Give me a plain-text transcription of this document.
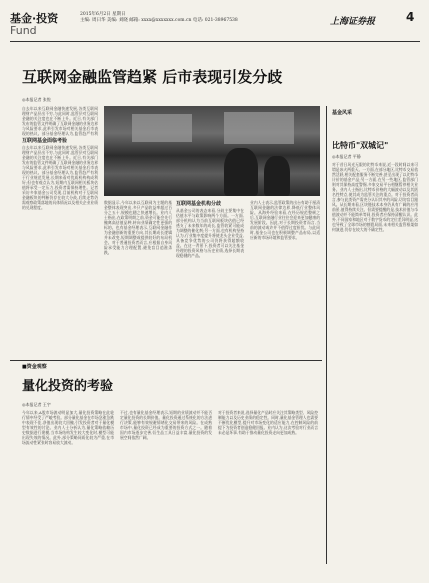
基金·投资
Fund
2015年6月2日 星期日
主编: 周曰华 美编: 刘晓 邮箱: xxxx@xxxxxxx.com.cn 电话: 021-38967538	上海证券报	4
互联网金融监管趋紧 后市表现引发分歧
◎本报记者 张悦
自去年以来互联网金融快速发展,各类互联网理财产品层出不穷,与此同时,监管层对互联网金融的关注度也在不断上升。近日,有关部门发布的监管文件明确了互联网金融的业务边界与风险要求,此举引发市场对相关基金后市表现的热议。部分基金经理认为,监管趋严有利
互联网基金面临考验
自去年以来互联网金融快速发展,各类互联网理财产品层出不穷,与此同时,监管层对互联网金融的关注度也在不断上升。近日,有关部门发布的监管文件明确了互联网金融的业务边界与风险要求,此举引发市场对相关基金后市表现的热议。部分基金经理认为,监管趋严有利于行业规范发展,长期来看对优质机构构成利好;但也有观点认为,短期内互联网相关板块估值将承受一定压力,投资者需保持理性。记者采访多家基金公司发现,目前机构对于互联网金融板块的判断仍存在较大分歧,后续走势仍需观察政策落地的具体情况以及相关企业业绩的兑现程度。
数据显示,今年以来以互联网为主题的基金整体表现突出,多只产品收益率超过百分之五十,规模也随之快速增长。业内人士指出,在政策明朗之前,资金可能会先行撤离高估值品种,转向业绩确定性更强的标的。也有基金经理表示,互联网金融作为金融创新的重要方向,其长期成长逻辑并未改变,短期调整或提供较好的布局机会。对于普通投资者而言,应根据自身风险承受能力合理配置,避免盲目追涨杀跌。
互联网基金机构分歧
从基金公司的表态来看,分歧主要集中在估值水平与政策影响两个方面。一方面,部分机构认为当前互联网板块估值已经透支了未来数年的成长,监管收紧可能成为调整的催化剂;另一方面,也有机构坚持认为,行业集中度提升将使龙头企业受益,具备竞争优势的公司仍将获得超额收益。在这一背景下,投资者可以关注基金经理的投资风格与历史业绩,选择长期表现稳健的产品。
业内人士表示,监管政策的出台有助于厘清互联网金融的法律边界,降低行业整体风险。从海外经验来看,在经历规范整顿之后,互联网金融行业往往会迎来更加健康的发展阶段。因此,对于长期投资者而言,当前的波动或许并不值得过度担忧。与此同时,基金公司也在积极调整产品布局,以适应新的市场环境和监管要求。
基金风采
比特币"双城记"
◎本报记者 平静
对于昔日风光无限的比特币来说,近一段时间以来可谓是冰火两重天。一方面,在部分地区,比特币交易依然活跃,相关配套服务不断完善,甚至出现了以比特币计价的基金产品;另一方面,在另一些地区,监管部门则对其保持高度警惕,多家交易平台相继暂停相关业务。业内人士指出,比特币价格的大幅波动以及其匿名性特点,使其成为监管关注的重点。对于投资者而言,参与此类资产需充分认识其中的风险,切勿盲目跟风。从长期来看,区块链技术本身仍具有广阔的应用前景,值得持续关注。但需要提醒的是,技术价值与币值波动并不能简单等同,投资者应保持清醒认识。此外,不同国家和地区对于数字货币的定位差异明显,这也导致了全球市场的割裂局面,未来相关监管框架如何演进,仍存在较大的不确定性。
■资金观察
量化投资的考验
◎本报记者 王宇
今年以来,A股市场波动明显加大,量化投资策略在此轮行情中经受了严峻考验。部分量化基金在市场急涨急跌中表现不佳,净值出现较大回撤,引发投资者对于量化模型有效性的讨论。业内人士分析认为,量化策略依赖历史数据进行建模,当市场结构发生较大变化时,模型可能出现失效的情况。此外,部分策略同质化较为严重,在市场流动性紧张时容易放大波动。
不过,也有量化基金经理表示,短期的业绩波动并不能否定量化投资的长期价值。量化投资通过系统化的方法进行决策,能够有效规避情绪化交易带来的风险。在成熟市场中,量化投资已经成为重要的投资方式之一。随着国内市场逐步完善,衍生品工具日益丰富,量化投资的发展空间依然广阔。
对于投资者来说,选择量化产品时应关注其策略类型、风险控制能力以及历史业绩的稳定性。同时,量化基金管理人也需要不断优化模型,提升对市场变化的适应能力,在控制风险的前提下为投资者创造稳健回报。业内认为,这次考验对行业而言未必是坏事,有助于推动量化投资走向更加成熟。
